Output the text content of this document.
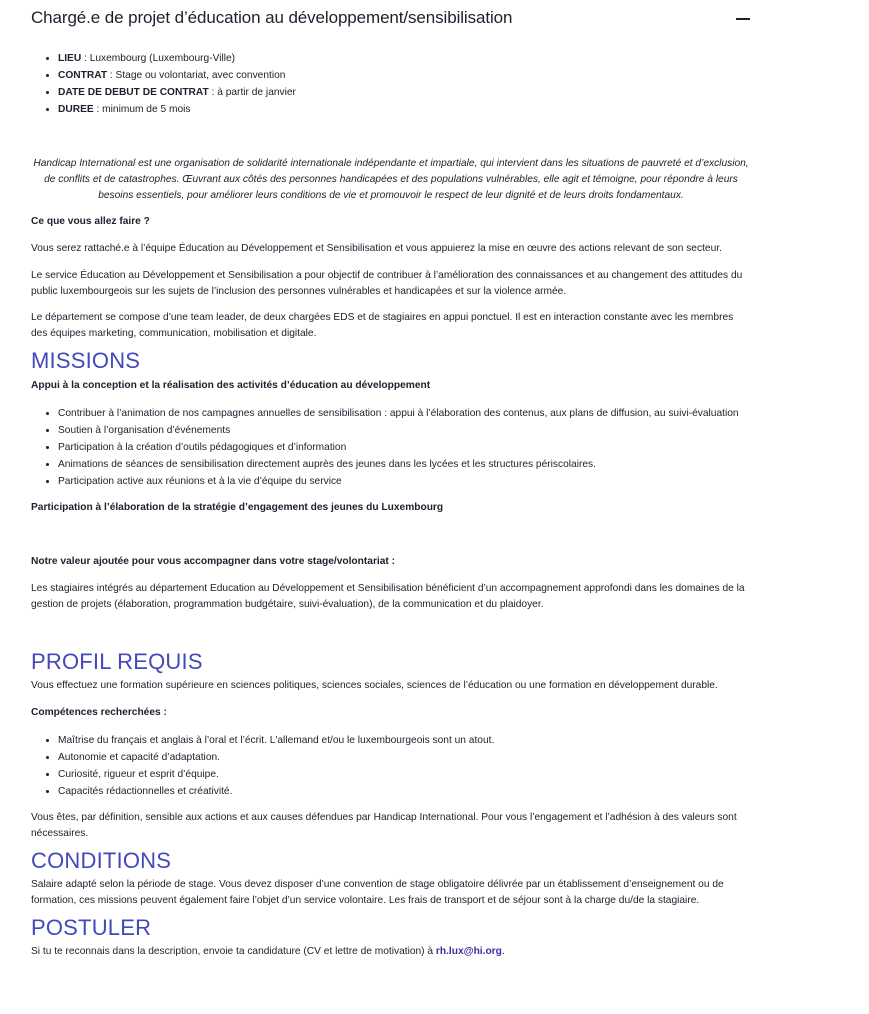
Chargé.e de projet d’éducation au développement/sensibilisation
• LIEU : Luxembourg (Luxembourg-Ville)
• CONTRAT : Stage ou volontariat, avec convention
• DATE DE DEBUT DE CONTRAT : à partir de janvier
• DUREE : minimum de 5 mois

Handicap International est une organisation de solidarité internationale indépendante et impartiale, qui intervient dans les situations de pauvreté et d’exclusion, de conflits et de catastrophes. Œuvrant aux côtés des personnes handicapées et des populations vulnérables, elle agit et témoigne, pour répondre à leurs besoins essentiels, pour améliorer leurs conditions de vie et promouvoir le respect de leur dignité et de leurs droits fondamentaux.

Ce que vous allez faire ?

Vous serez rattaché.e à l’équipe Éducation au Développement et Sensibilisation et vous appuierez la mise en œuvre des actions relevant de son secteur.

Le service Éducation au Développement et Sensibilisation a pour objectif de contribuer à l’amélioration des connaissances et au changement des attitudes du public luxembourgeois sur les sujets de l’inclusion des personnes vulnérables et handicapées et sur la violence armée.

Le département se compose d’une team leader, de deux chargées EDS et de stagiaires en appui ponctuel. Il est en interaction constante avec les membres des équipes marketing, communication, mobilisation et digitale.

MISSIONS

Appui à la conception et la réalisation des activités d’éducation au développement

• Contribuer à l’animation de nos campagnes annuelles de sensibilisation : appui à l’élaboration des contenus, aux plans de diffusion, au suivi-évaluation
• Soutien à l’organisation d’événements
• Participation à la création d’outils pédagogiques et d’information
• Animations de séances de sensibilisation directement auprès des jeunes dans les lycées et les structures périscolaires.
• Participation active aux réunions et à la vie d’équipe du service

Participation à l’élaboration de la stratégie d’engagement des jeunes du Luxembourg

Notre valeur ajoutée pour vous accompagner dans votre stage/volontariat :

Les stagiaires intégrés au département Education au Développement et Sensibilisation bénéficient d’un accompagnement approfondi dans les domaines de la gestion de projets (élaboration, programmation budgétaire, suivi-évaluation), de la communication et du plaidoyer.

PROFIL REQUIS

Vous effectuez une formation supérieure en sciences politiques, sciences sociales, sciences de l’éducation ou une formation en développement durable.

Compétences recherchées :

• Maîtrise du français et anglais à l’oral et l’écrit. L'allemand et/ou le luxembourgeois sont un atout.
• Autonomie et capacité d’adaptation.
• Curiosité, rigueur et esprit d’équipe.
• Capacités rédactionnelles et créativité.

Vous êtes, par définition, sensible aux actions et aux causes défendues par Handicap International. Pour vous l’engagement et l’adhésion à des valeurs sont nécessaires.

CONDITIONS

Salaire adapté selon la période de stage. Vous devez disposer d’une convention de stage obligatoire délivrée par un établissement d’enseignement ou de formation, ces missions peuvent également faire l’objet d’un service volontaire. Les frais de transport et de séjour sont à la charge du/de la stagiaire.

POSTULER

Si tu te reconnais dans la description, envoie ta candidature (CV et lettre de motivation) à rh.lux@hi.org.
